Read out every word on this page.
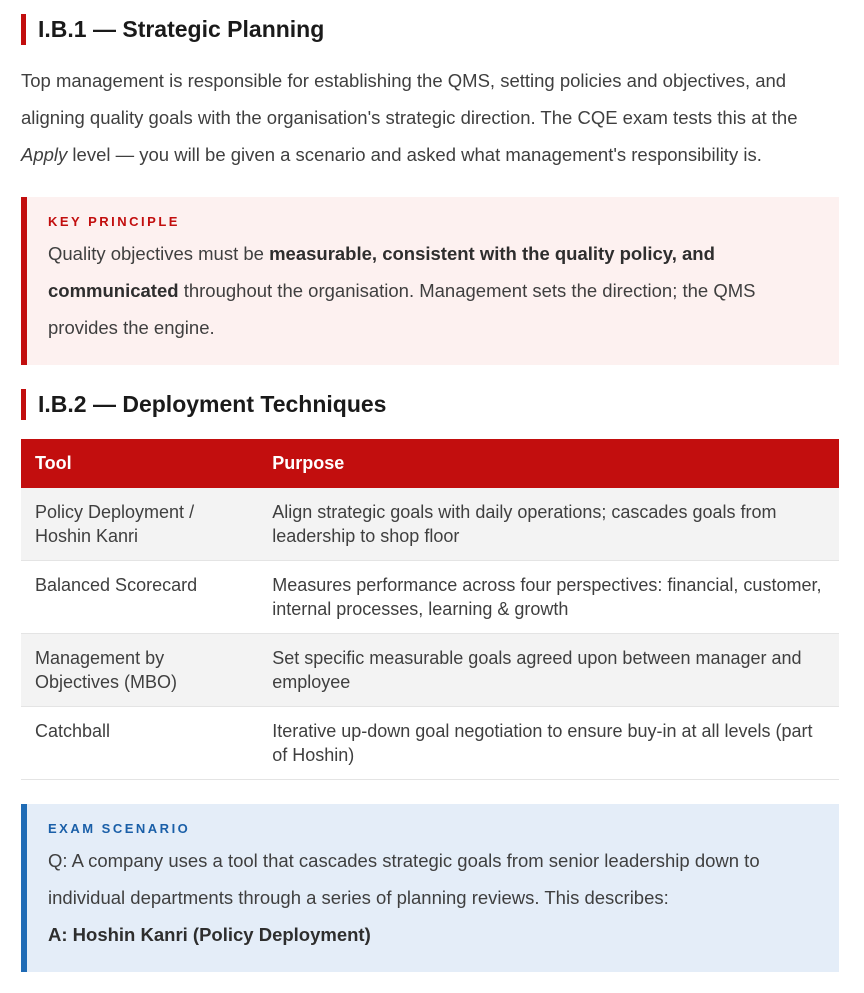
I.B.1 — Strategic Planning

Top management is responsible for establishing the QMS, setting policies and objectives, and aligning quality goals with the organisation's strategic direction. The CQE exam tests this at the Apply level — you will be given a scenario and asked what management's responsibility is.

KEY PRINCIPLE

Quality objectives must be measurable, consistent with the quality policy, and communicated throughout the organisation. Management sets the direction; the QMS provides the engine.

I.B.2 — Deployment Techniques
Tool	Purpose
Policy Deployment / Hoshin Kanri	Align strategic goals with daily operations; cascades goals from leadership to shop floor
Balanced Scorecard	Measures performance across four perspectives: financial, customer, internal processes, learning & growth
Management by Objectives (MBO)	Set specific measurable goals agreed upon between manager and employee
Catchball	Iterative up-down goal negotiation to ensure buy-in at all levels (part of Hoshin)
EXAM SCENARIO

Q: A company uses a tool that cascades strategic goals from senior leadership down to individual departments through a series of planning reviews. This describes:

A: Hoshin Kanri (Policy Deployment)
